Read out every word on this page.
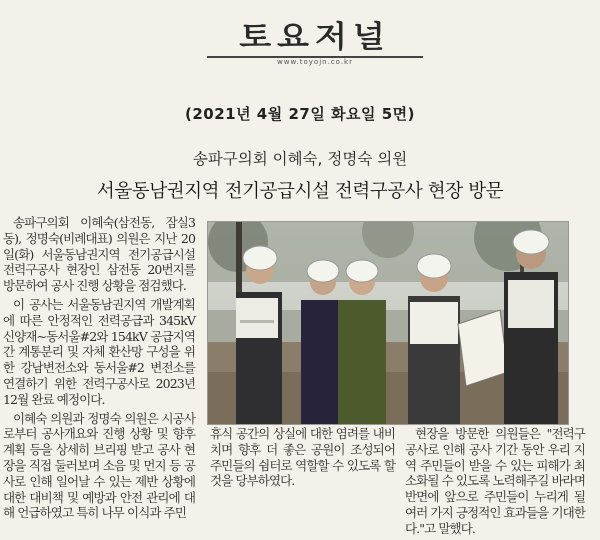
토요저널
www.toyojn.co.kr
(2021년 4월 27일 화요일 5면)
송파구의회 이혜숙, 정명숙 의원
서울동남권지역 전기공급시설 전력구공사 현장 방문

송파구의회 이혜숙(삼전동, 잠실3동), 정명숙(비례대표) 의원은 지난 20일(화) 서울동남권지역 전기공급시설 전력구공사 현장인 삼전동 20번지를 방문하여 공사 진행 상황을 점검했다.

이 공사는 서울동남권지역 개발계획에 따른 안정적인 전력공급과 345kV 신양재~동서울#2와 154kV 공급지역간 계통분리 및 자체 환산망 구성을 위한 강남변전소와 동서울#2 변전소를 연결하기 위한 전력구공사로 2023년 12월 완료 예정이다.

이혜숙 의원과 정명숙 의원은 시공사로부터 공사개요와 진행 상황 및 향후 계획 등을 상세히 브리핑 받고 공사 현장을 직접 둘러보며 소음 및 먼지 등 공사로 인해 일어날 수 있는 제반 상황에 대한 대비책 및 예방과 안전 관리에 대해 언급하였고 특히 나무 이식과 주민

휴식 공간의 상실에 대한 염려를 내비치며 향후 더 좋은 공원이 조성되어 주민들의 쉼터로 역할할 수 있도록 할 것을 당부하였다.

현장을 방문한 의원들은 "전력구공사로 인해 공사 기간 동안 우리 지역 주민들이 받을 수 있는 피해가 최소화될 수 있도록 노력해주길 바라며 반면에 앞으로 주민들이 누리게 될 여러 가지 긍정적인 효과들을 기대한다."고 말했다.
